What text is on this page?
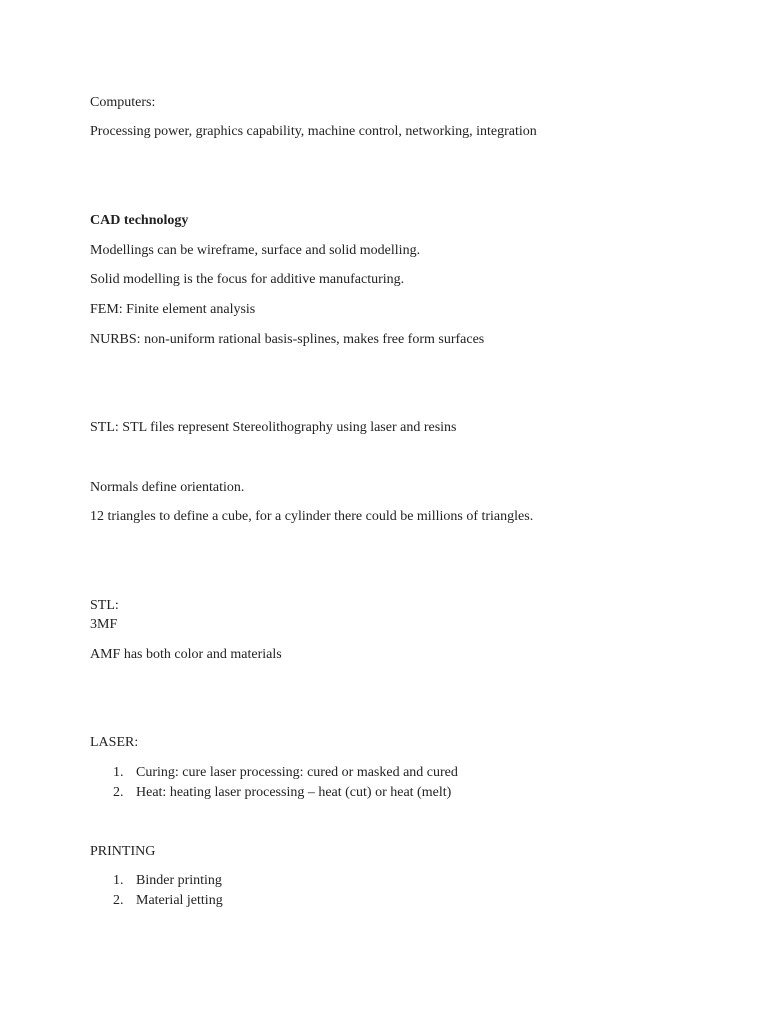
Computers:
Processing power, graphics capability, machine control, networking, integration
CAD technology
Modellings can be wireframe, surface and solid modelling.
Solid modelling is the focus for additive manufacturing.
FEM: Finite element analysis
NURBS: non-uniform rational basis-splines, makes free form surfaces
STL: STL files represent Stereolithography using laser and resins
Normals define orientation.
12 triangles to define a cube, for a cylinder there could be millions of triangles.
STL:
3MF
AMF has both color and materials
LASER:
1. Curing: cure laser processing: cured or masked and cured
2. Heat: heating laser processing – heat (cut) or heat (melt)
PRINTING
1. Binder printing
2. Material jetting
